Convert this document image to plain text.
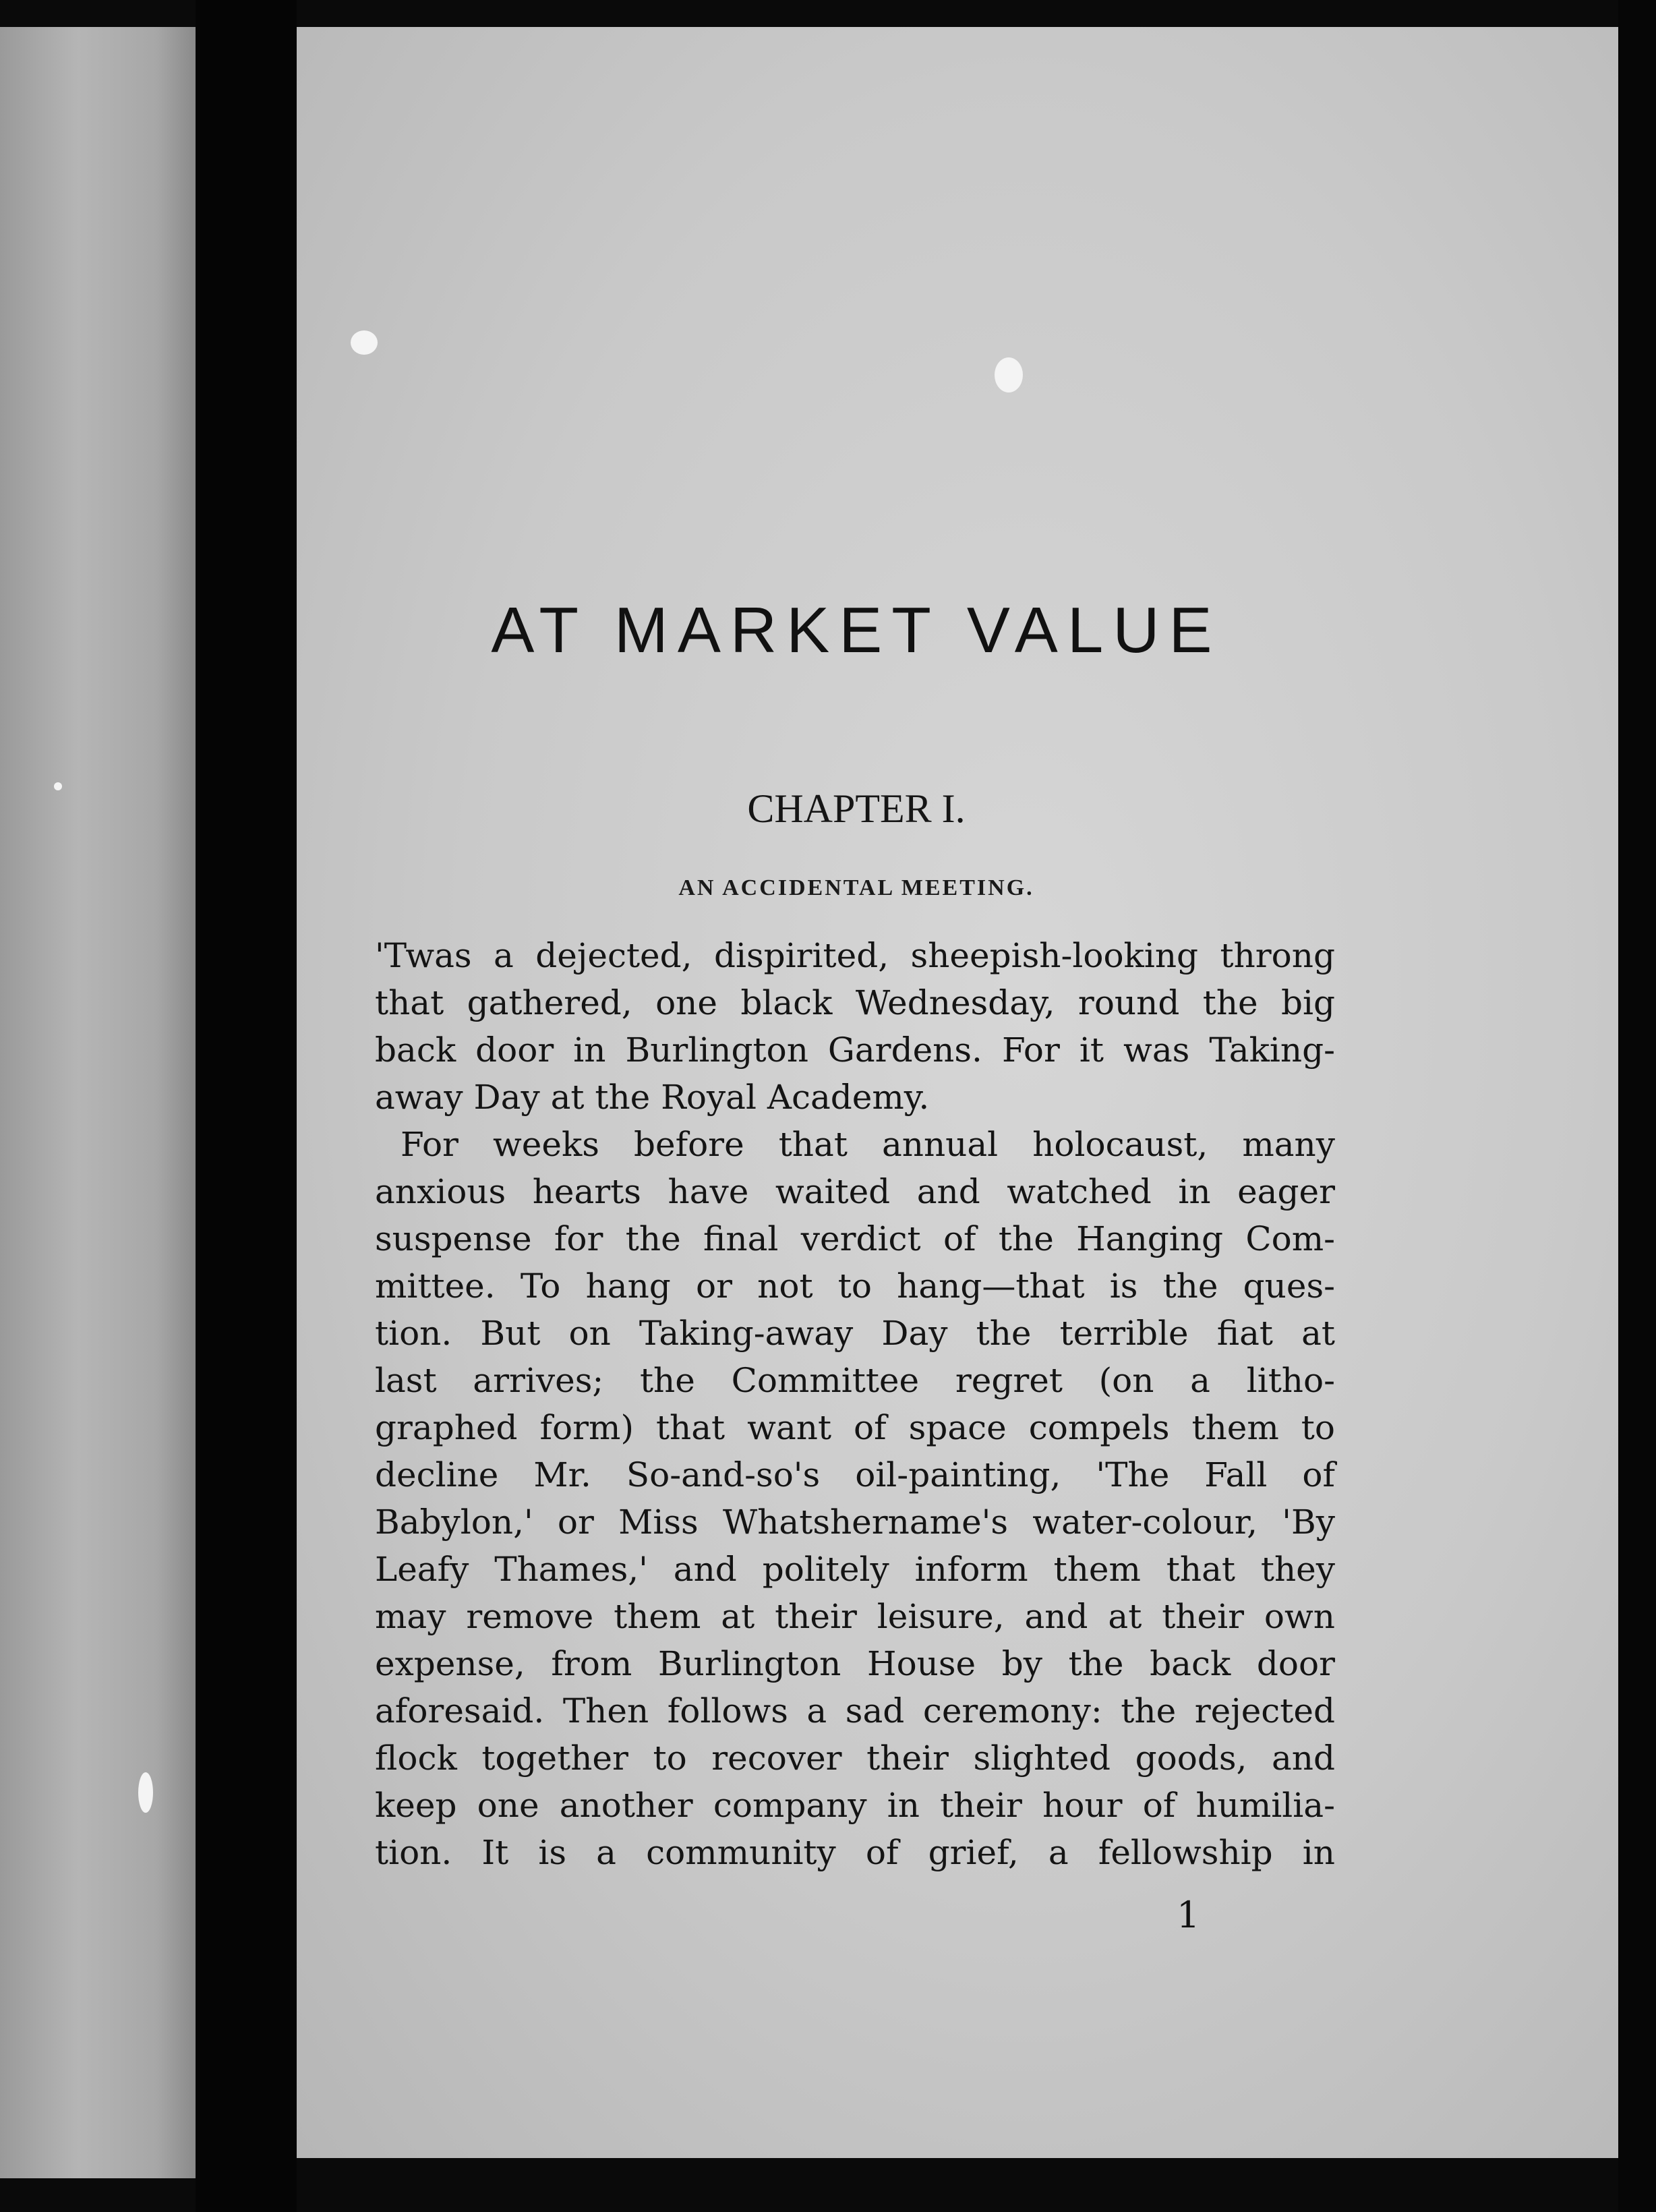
AT MARKET VALUE
CHAPTER I.
AN ACCIDENTAL MEETING.
'Twas a dejected, dispirited, sheepish-looking throng
that gathered, one black Wednesday, round the big
back door in Burlington Gardens. For it was Taking-
away Day at the Royal Academy.
For weeks before that annual holocaust, many
anxious hearts have waited and watched in eager
suspense for the final verdict of the Hanging Com-
mittee. To hang or not to hang—that is the ques-
tion. But on Taking-away Day the terrible fiat at
last arrives; the Committee regret (on a litho-
graphed form) that want of space compels them to
decline Mr. So-and-so's oil-painting, 'The Fall of
Babylon,' or Miss Whatshername's water-colour, 'By
Leafy Thames,' and politely inform them that they
may remove them at their leisure, and at their own
expense, from Burlington House by the back door
aforesaid. Then follows a sad ceremony: the rejected
flock together to recover their slighted goods, and
keep one another company in their hour of humilia-
tion. It is a community of grief, a fellowship in
1
